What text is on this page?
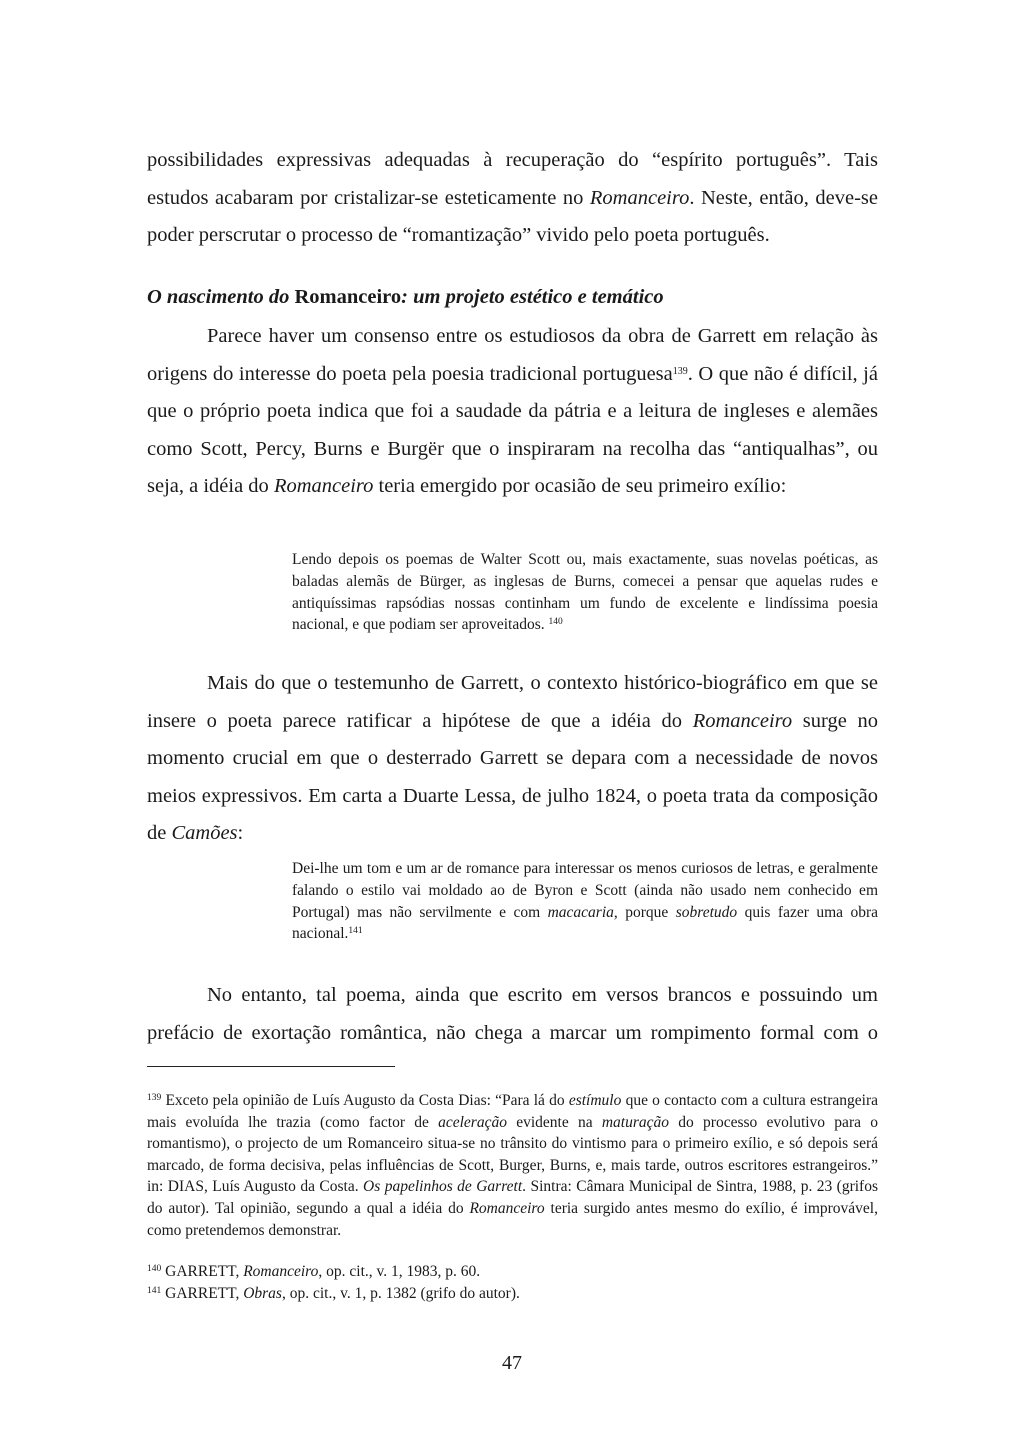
possibilidades expressivas adequadas à recuperação do “espírito português”. Tais estudos acabaram por cristalizar-se esteticamente no Romanceiro. Neste, então, deve-se poder perscrutar o processo de “romantização” vivido pelo poeta português.

O nascimento do Romanceiro: um projeto estético e temático

Parece haver um consenso entre os estudiosos da obra de Garrett em relação às origens do interesse do poeta pela poesia tradicional portuguesa$^{139}$. O que não é difícil, já que o próprio poeta indica que foi a saudade da pátria e a leitura de ingleses e alemães como Scott, Percy, Burns e Burgër que o inspiraram na recolha das “antiqualhas”, ou seja, a idéia do Romanceiro teria emergido por ocasião de seu primeiro exílio:

Lendo depois os poemas de Walter Scott ou, mais exactamente, suas novelas poéticas, as baladas alemãs de Bürger, as inglesas de Burns, comecei a pensar que aquelas rudes e antiquíssimas rapsódias nossas continham um fundo de excelente e lindíssima poesia nacional, e que podiam ser aproveitados. $^{140}$

Mais do que o testemunho de Garrett, o contexto histórico-biográfico em que se insere o poeta parece ratificar a hipótese de que a idéia do Romanceiro surge no momento crucial em que o desterrado Garrett se depara com a necessidade de novos meios expressivos. Em carta a Duarte Lessa, de julho 1824, o poeta trata da composição de Camões:

Dei-lhe um tom e um ar de romance para interessar os menos curiosos de letras, e geralmente falando o estilo vai moldado ao de Byron e Scott (ainda não usado nem conhecido em Portugal) mas não servilmente e com macacaria, porque sobretudo quis fazer uma obra nacional.$^{141}$

No entanto, tal poema, ainda que escrito em versos brancos e possuindo um prefácio de exortação romântica, não chega a marcar um rompimento formal com o

$^{139}$ Exceto pela opinião de Luís Augusto da Costa Dias: “Para lá do estímulo que o contacto com a cultura estrangeira mais evoluída lhe trazia (como factor de aceleração evidente na maturação do processo evolutivo para o romantismo), o projecto de um Romanceiro situa-se no trânsito do vintismo para o primeiro exílio, e só depois será marcado, de forma decisiva, pelas influências de Scott, Burger, Burns, e, mais tarde, outros escritores estrangeiros.” in: DIAS, Luís Augusto da Costa. Os papelinhos de Garrett. Sintra: Câmara Municipal de Sintra, 1988, p. 23 (grifos do autor). Tal opinião, segundo a qual a idéia do Romanceiro teria surgido antes mesmo do exílio, é improvável, como pretendemos demonstrar.

$^{140}$ GARRETT, Romanceiro, op. cit., v. 1, 1983, p. 60.

$^{141}$ GARRETT, Obras, op. cit., v. 1, p. 1382 (grifo do autor).

47
